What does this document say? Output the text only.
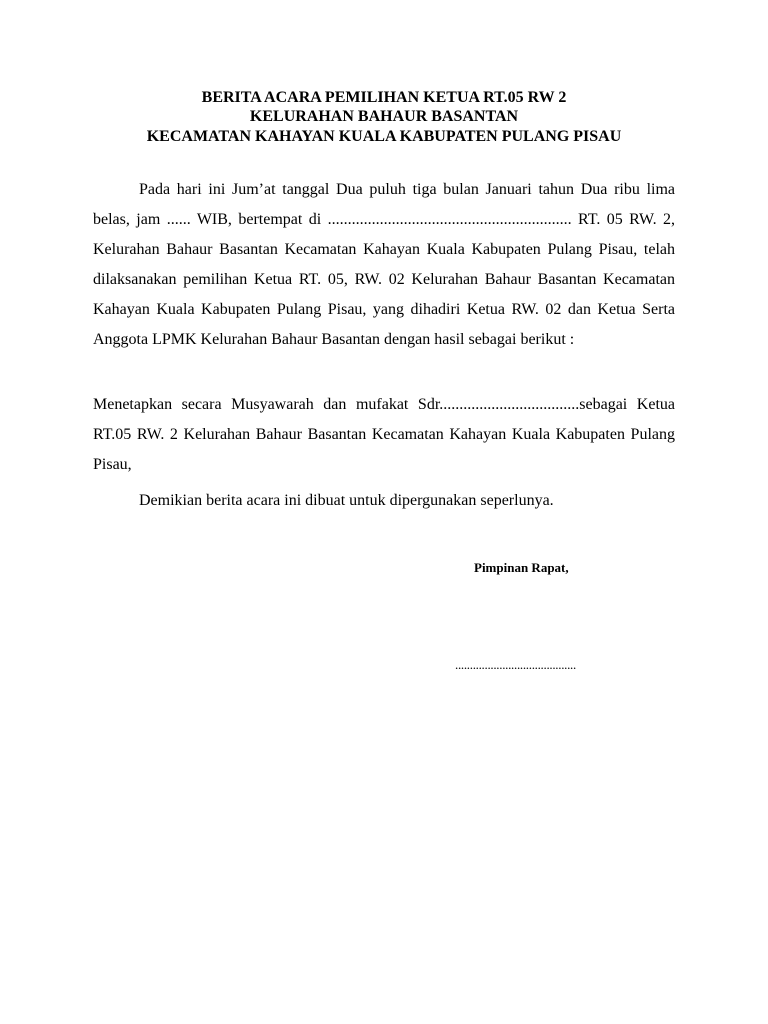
BERITA ACARA PEMILIHAN KETUA RT.05 RW 2

KELURAHAN BAHAUR BASANTAN

KECAMATAN KAHAYAN KUALA KABUPATEN PULANG PISAU

Pada hari ini Jum’at tanggal Dua puluh tiga bulan Januari tahun Dua ribu lima belas, jam ...... WIB, bertempat di ............................................................. RT. 05 RW. 2, Kelurahan Bahaur Basantan Kecamatan Kahayan Kuala Kabupaten Pulang Pisau, telah dilaksanakan pemilihan Ketua RT. 05, RW. 02 Kelurahan Bahaur Basantan Kecamatan Kahayan Kuala Kabupaten Pulang Pisau, yang dihadiri Ketua RW. 02 dan Ketua Serta Anggota LPMK Kelurahan Bahaur Basantan dengan hasil sebagai berikut :

Menetapkan secara Musyawarah dan mufakat Sdr...................................sebagai Ketua RT.05 RW. 2 Kelurahan Bahaur Basantan Kecamatan Kahayan Kuala Kabupaten Pulang Pisau,

Demikian berita acara ini dibuat untuk dipergunakan seperlunya.

Pimpinan Rapat,

.........................................
